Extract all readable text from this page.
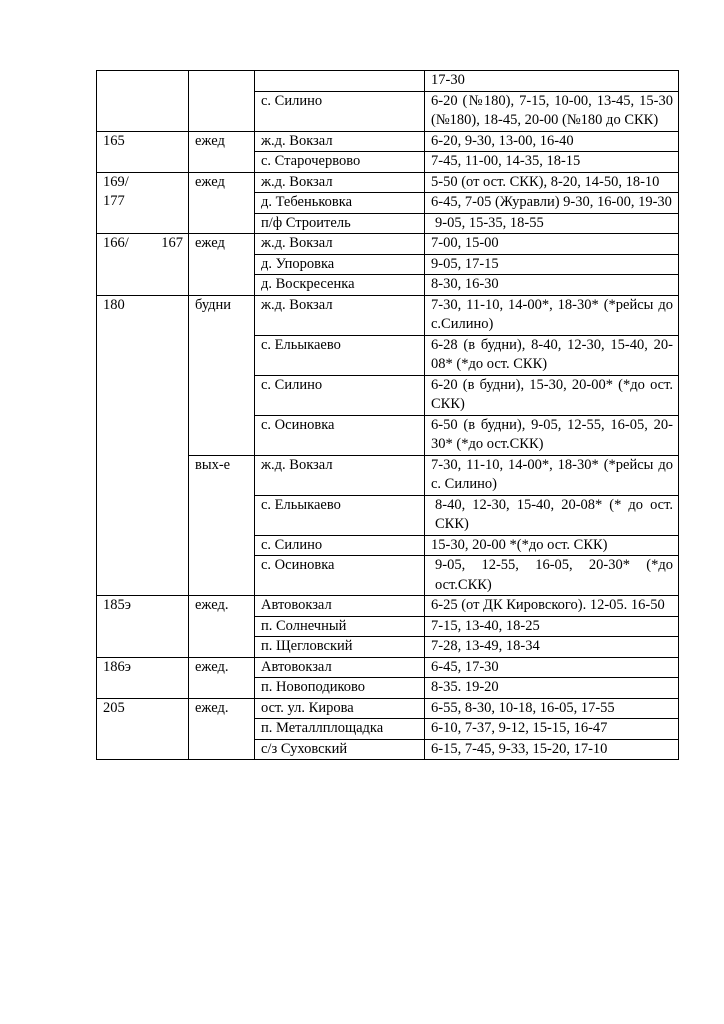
			17-30
		с. Силино	6-20 (№180), 7-15, 10-00, 13-45, 15-30 (№180), 18-45, 20-00 (№180 до СКК)
165	ежед	ж.д. Вокзал	6-20, 9-30, 13-00, 16-40
		с. Старочервово	7-45, 11-00, 14-35, 18-15
169/ 177	ежед	ж.д. Вокзал	5-50 (от ост. СКК), 8-20, 14-50, 18-10
		д. Тебеньковка	6-45, 7-05 (Журавли) 9-30, 16-00, 19-30
		п/ф Строитель	9-05, 15-35, 18-55
166/ 167	ежед	ж.д. Вокзал	7-00, 15-00
		д. Упоровка	9-05, 17-15
		д. Воскресенка	8-30, 16-30
180	будни	ж.д. Вокзал	7-30, 11-10, 14-00*, 18-30* (*рейсы до с.Силино)
		с. Ельыкаево	6-28 (в будни), 8-40, 12-30, 15-40, 20-08* (*до ост. СКК)
		с. Силино	6-20 (в будни), 15-30, 20-00* (*до ост. СКК)
		с. Осиновка	6-50 (в будни), 9-05, 12-55, 16-05, 20-30* (*до ост.СКК)
	вых-е	ж.д. Вокзал	7-30, 11-10, 14-00*, 18-30* (*рейсы до с. Силино)
		с. Ельыкаево	8-40, 12-30, 15-40, 20-08* (* до ост. СКК)
		с. Силино	15-30, 20-00 *(*до ост. СКК)
		с. Осиновка	9-05, 12-55, 16-05, 20-30* (*до ост.СКК)
185э	ежед.	Автовокзал	6-25 (от ДК Кировского). 12-05. 16-50
		п. Солнечный	7-15, 13-40, 18-25
		п. Щегловский	7-28, 13-49, 18-34
186э	ежед.	Автовокзал	6-45, 17-30
		п. Новоподиково	8-35. 19-20
205	ежед.	ост. ул. Кирова	6-55, 8-30, 10-18, 16-05, 17-55
		п. Металлплощадка	6-10, 7-37, 9-12, 15-15, 16-47
		с/з Суховский	6-15, 7-45, 9-33, 15-20, 17-10
